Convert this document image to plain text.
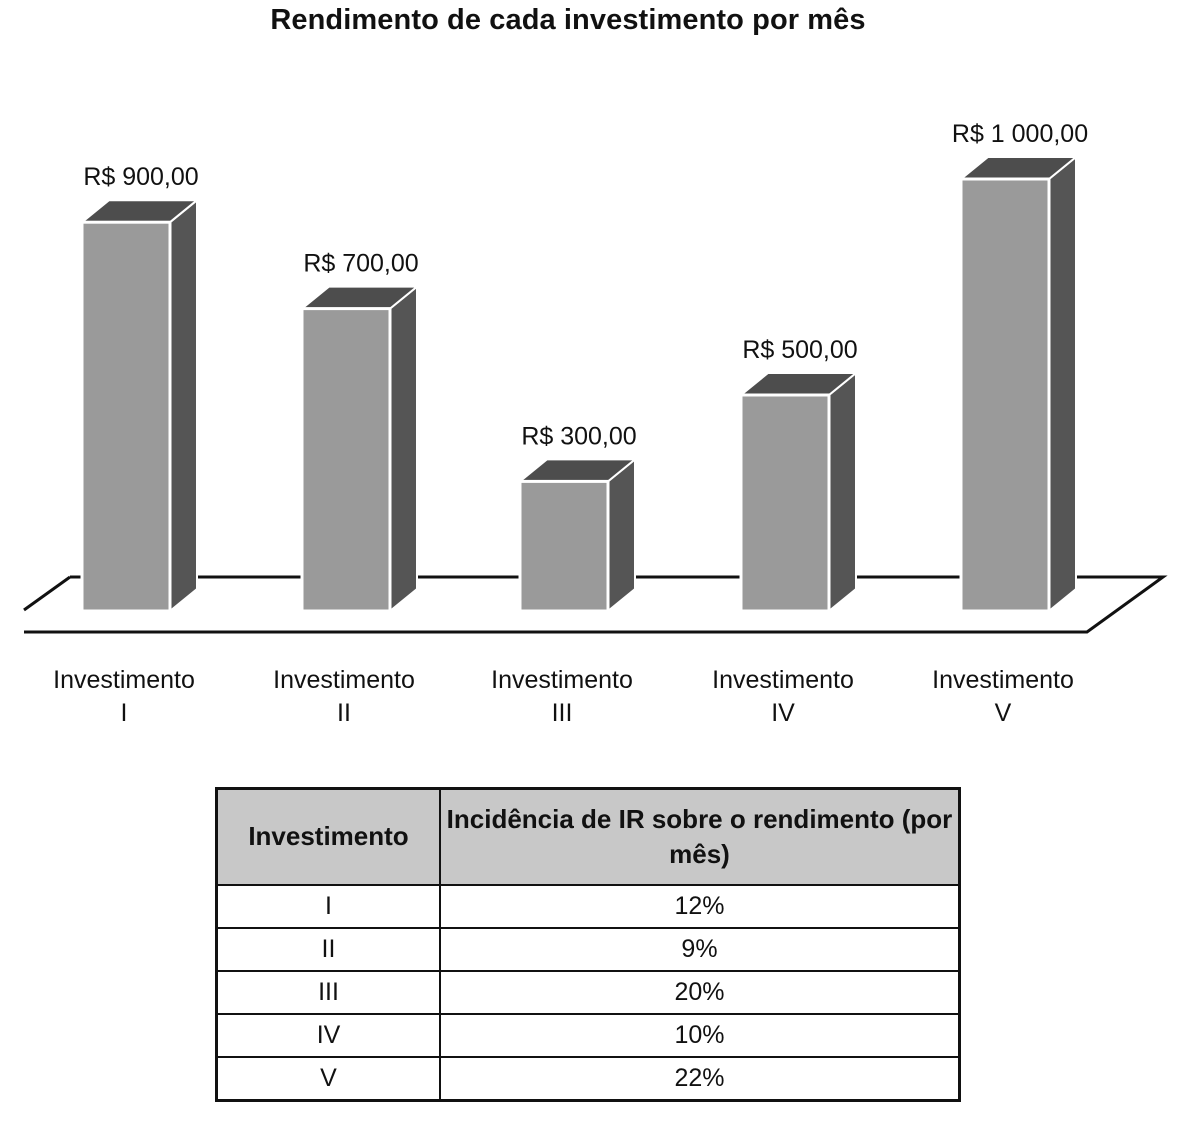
Rendimento de cada investimento por mês
R$ 900,00
Investimento
I
R$ 700,00
Investimento
II
R$ 300,00
Investimento
III
R$ 500,00
Investimento
IV
R$ 1 000,00
Investimento
V
Investimento	Incidência de IR sobre o rendimento (por mês)
I	12%
II	9%
III	20%
IV	10%
V	22%
